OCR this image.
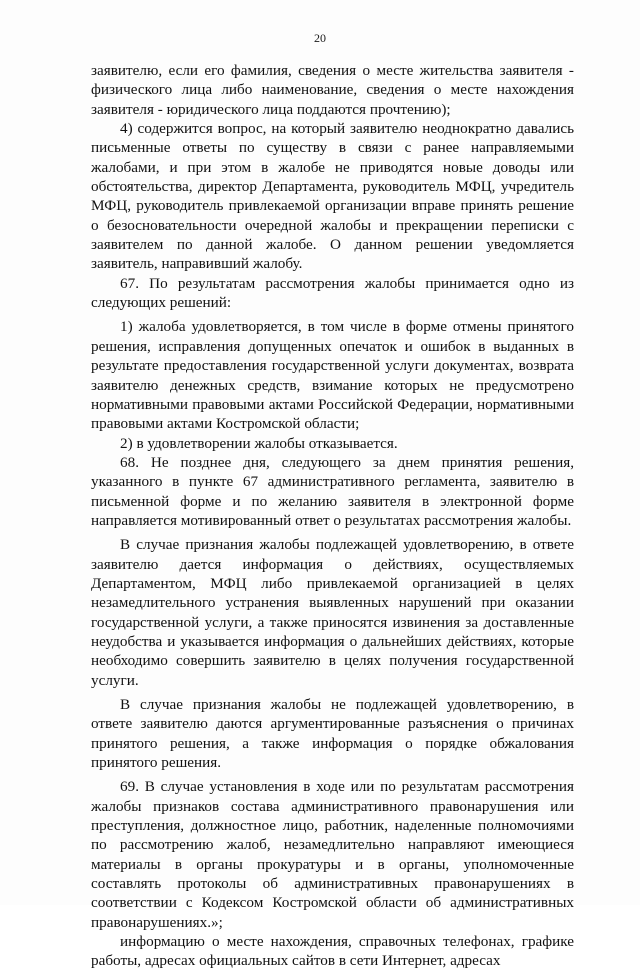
20

заявителю, если его фамилия, сведения о месте жительства заявителя - физического лица либо наименование, сведения о месте нахождения заявителя - юридического лица поддаются прочтению);

4) содержится вопрос, на который заявителю неоднократно давались письменные ответы по существу в связи с ранее направляемыми жалобами, и при этом в жалобе не приводятся новые доводы или обстоятельства, директор Департамента, руководитель МФЦ, учредитель МФЦ, руководитель привлекаемой организации вправе принять решение о безосновательности очередной жалобы и прекращении переписки с заявителем по данной жалобе. О данном решении уведомляется заявитель, направивший жалобу.

67. По результатам рассмотрения жалобы принимается одно из следующих решений:

1) жалоба удовлетворяется, в том числе в форме отмены принятого решения, исправления допущенных опечаток и ошибок в выданных в результате предоставления государственной услуги документах, возврата заявителю денежных средств, взимание которых не предусмотрено нормативными правовыми актами Российской Федерации, нормативными правовыми актами Костромской области;

2) в удовлетворении жалобы отказывается.

68. Не позднее дня, следующего за днем принятия решения, указанного в пункте 67 административного регламента, заявителю в письменной форме и по желанию заявителя в электронной форме направляется мотивированный ответ о результатах рассмотрения жалобы.

В случае признания жалобы подлежащей удовлетворению, в ответе заявителю дается информация о действиях, осуществляемых Департаментом, МФЦ либо привлекаемой организацией в целях незамедлительного устранения выявленных нарушений при оказании государственной услуги, а также приносятся извинения за доставленные неудобства и указывается информация о дальнейших действиях, которые необходимо совершить заявителю в целях получения государственной услуги.

В случае признания жалобы не подлежащей удовлетворению, в ответе заявителю даются аргументированные разъяснения о причинах принятого решения, а также информация о порядке обжалования принятого решения.

69. В случае установления в ходе или по результатам рассмотрения жалобы признаков состава административного правонарушения или преступления, должностное лицо, работник, наделенные полномочиями по рассмотрению жалоб, незамедлительно направляют имеющиеся материалы в органы прокуратуры и в органы, уполномоченные составлять протоколы об административных правонарушениях в соответствии с Кодексом Костромской области об административных правонарушениях.»;

информацию о месте нахождения, справочных телефонах, графике работы, адресах официальных сайтов в сети Интернет, адресах
